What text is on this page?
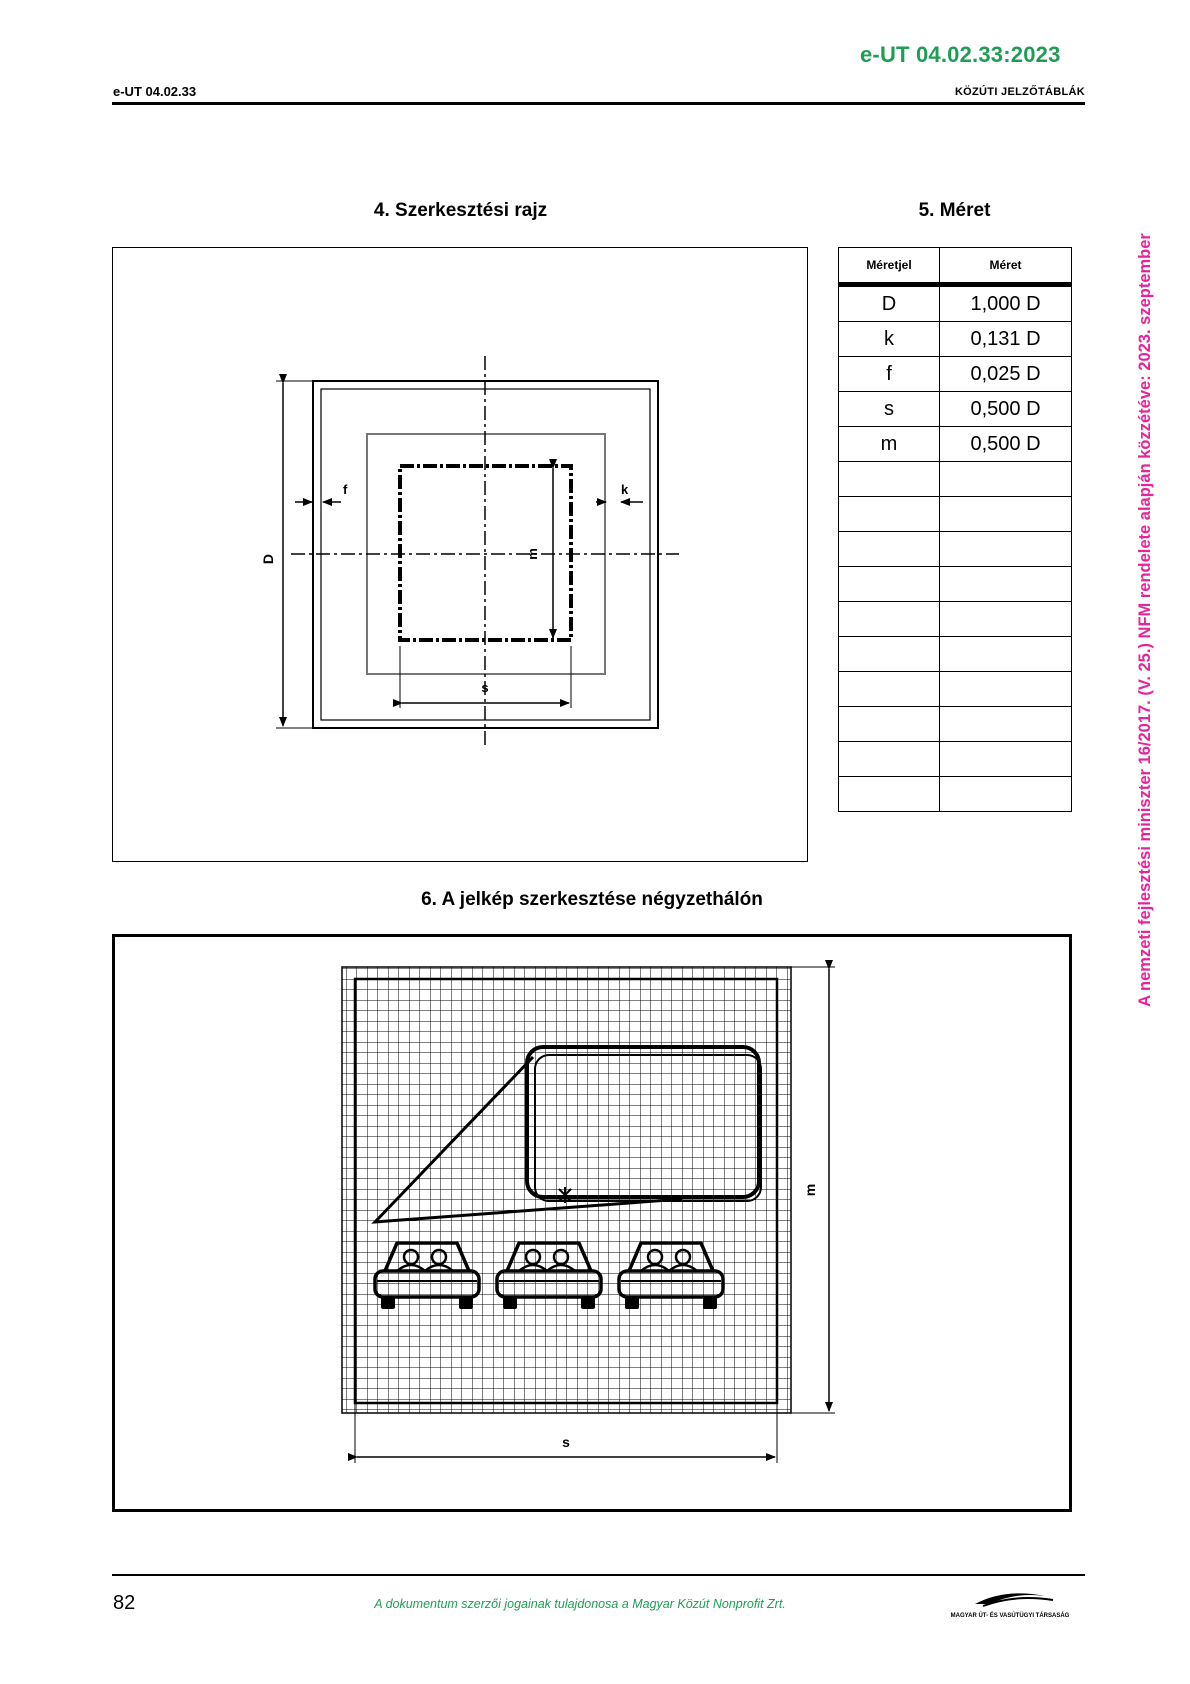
e-UT 04.02.33:2023
e-UT 04.02.33	KÖZÚTI JELZŐTÁBLÁK
4. Szerkesztési rajz	5. Méret
D
f	k
m
s
Méretjel	Méret
D	1,000 D
k	0,131 D
f	0,025 D
s	0,500 D
m	0,500 D

6. A jelkép szerkesztése négyzethálón
m
s
A nemzeti fejlesztési miniszter 16/2017. (V. 25.) NFM rendelete alapján közzétéve: 2023. szeptember
82	A dokumentum szerzői jogainak tulajdonosa a Magyar Közút Nonprofit Zrt.
MAGYAR ÚT- ÉS VASÚTÜGYI TÁRSASÁG
